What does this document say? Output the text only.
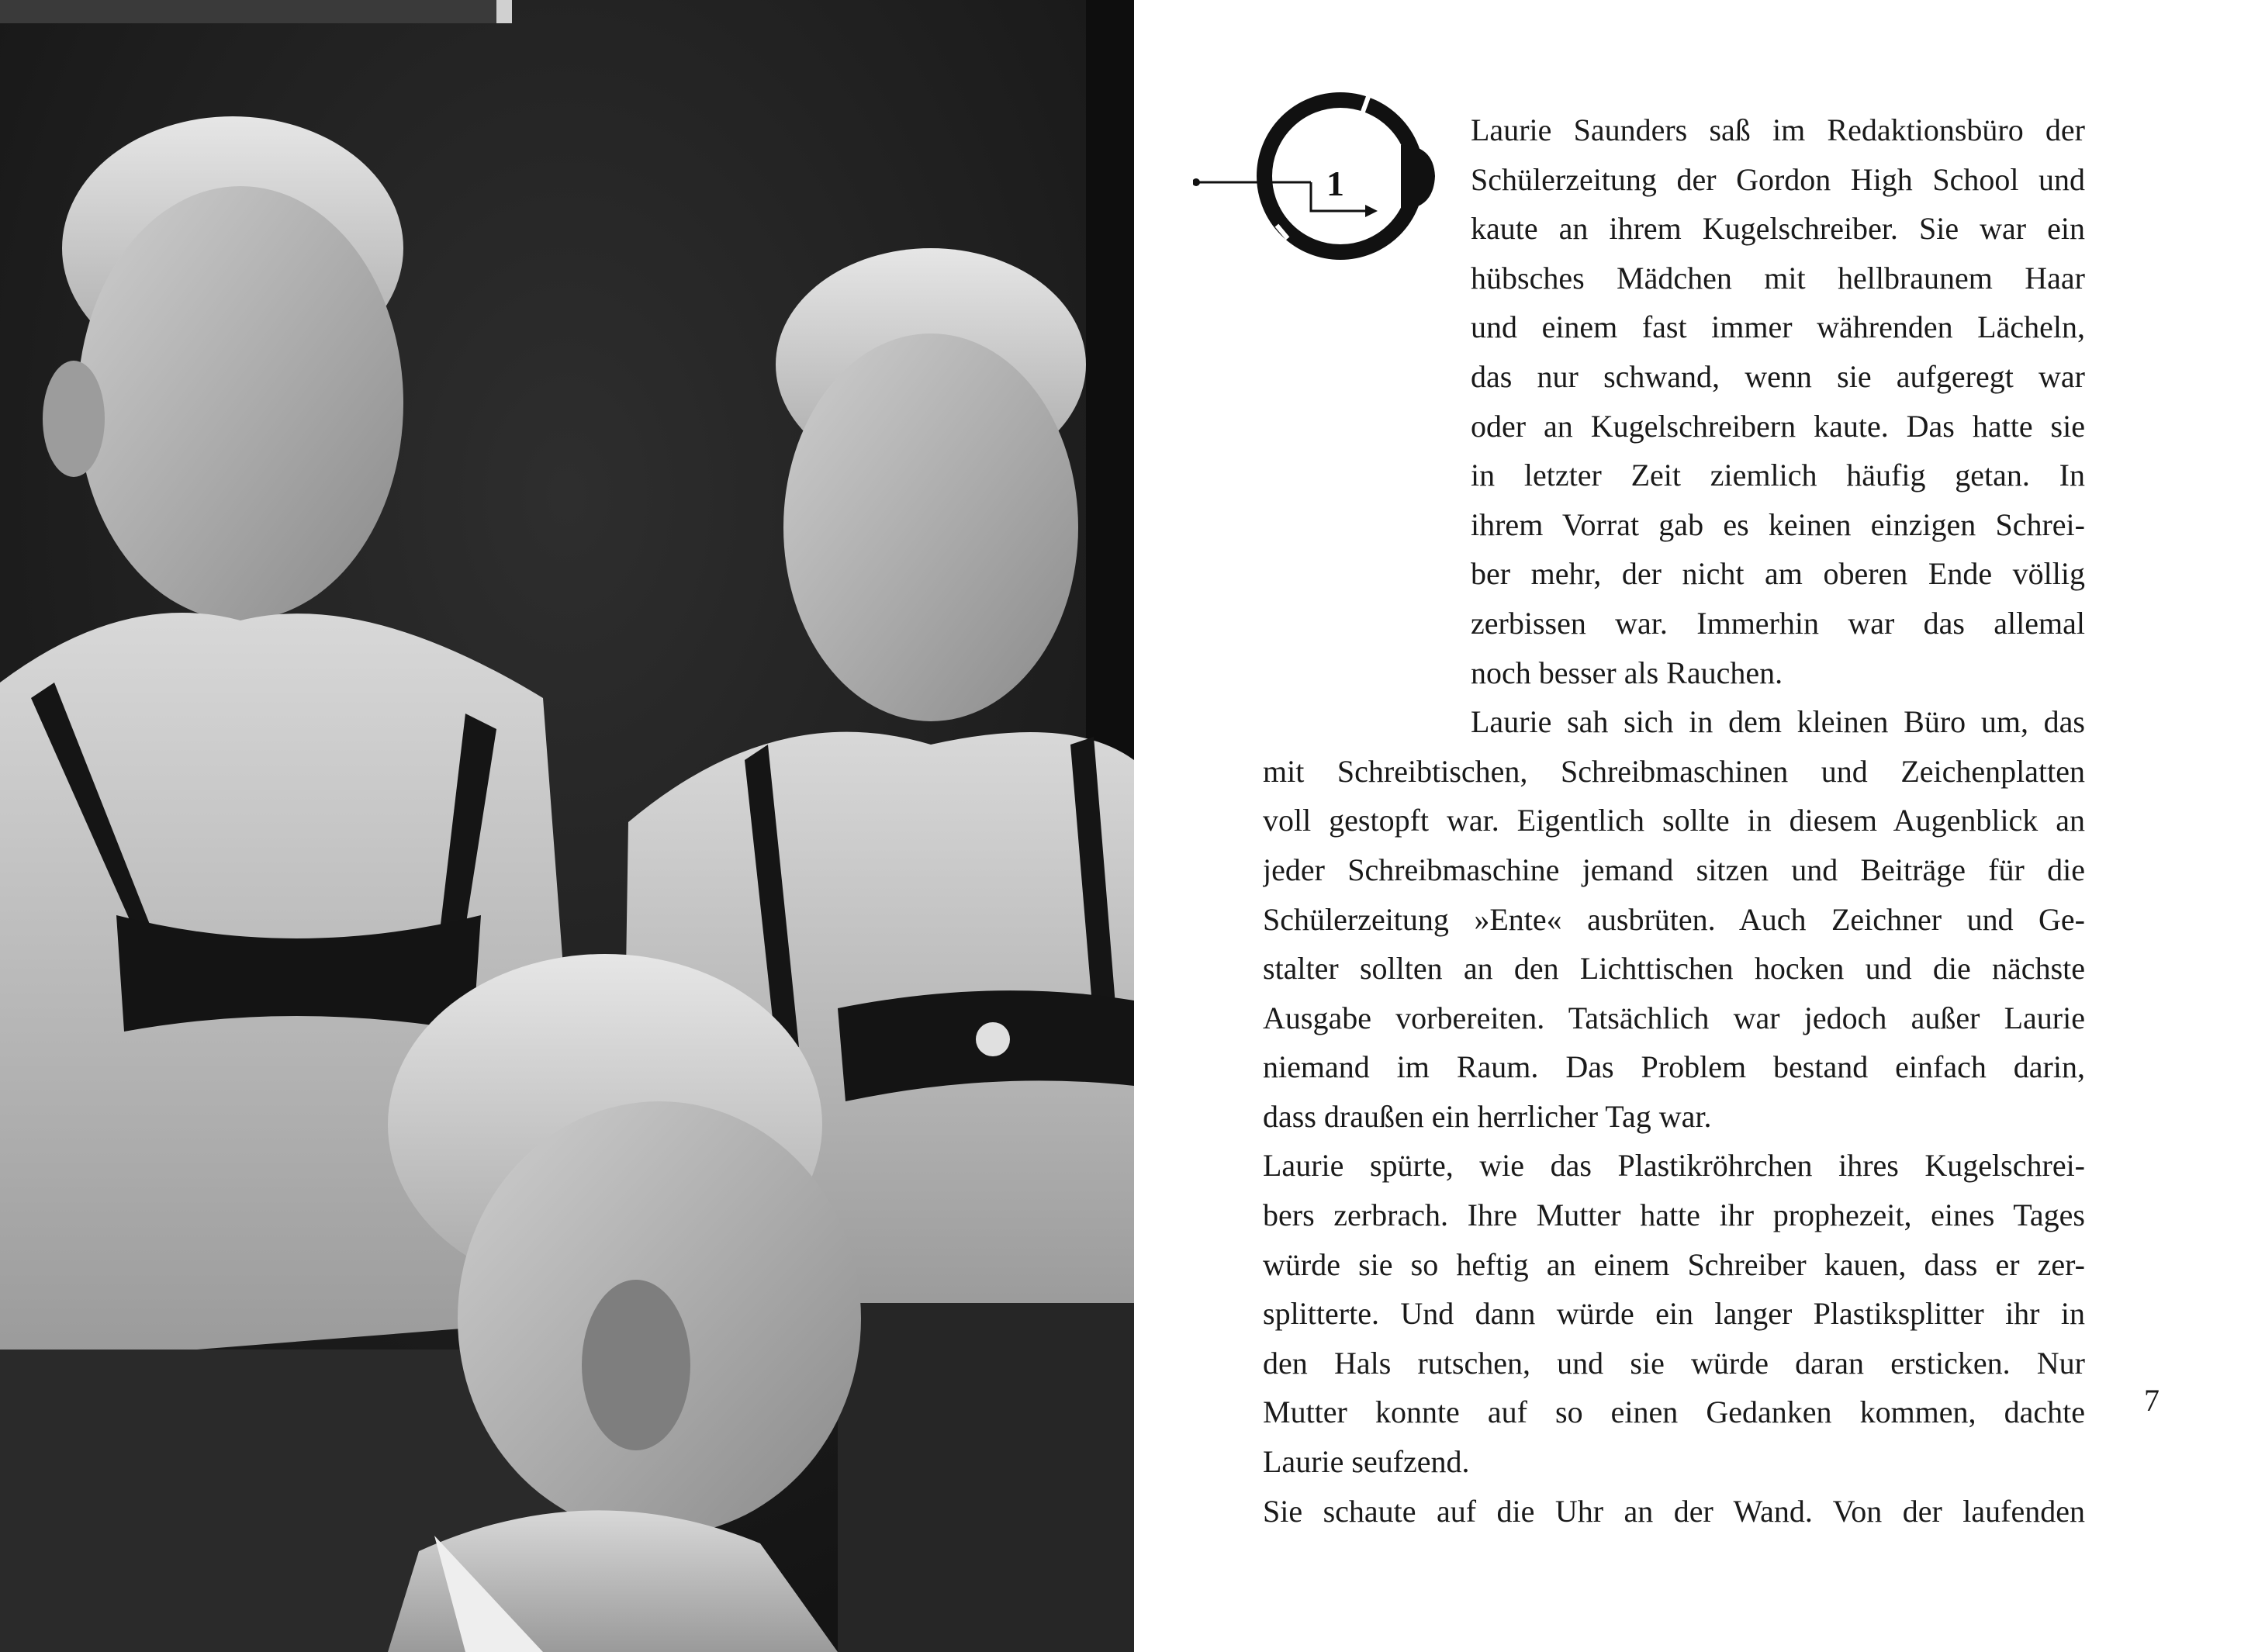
1
Laurie Saunders saß im Redaktionsbüro der
Schülerzeitung der Gordon High School und
kaute an ihrem Kugelschreiber. Sie war ein
hübsches Mädchen mit hellbraunem Haar
und einem fast immer währenden Lächeln,
das nur schwand, wenn sie aufgeregt war
oder an Kugelschreibern kaute. Das hatte sie
in letzter Zeit ziemlich häufig getan. In
ihrem Vorrat gab es keinen einzigen Schrei-
ber mehr, der nicht am oberen Ende völlig
zerbissen war. Immerhin war das allemal
noch besser als Rauchen.
Laurie sah sich in dem kleinen Büro um, das
mit Schreibtischen, Schreibmaschinen und Zeichenplatten
voll gestopft war. Eigentlich sollte in diesem Augenblick an
jeder Schreibmaschine jemand sitzen und Beiträge für die
Schülerzeitung »Ente« ausbrüten. Auch Zeichner und Ge-
stalter sollten an den Lichttischen hocken und die nächste
Ausgabe vorbereiten. Tatsächlich war jedoch außer Laurie
niemand im Raum. Das Problem bestand einfach darin,
dass draußen ein herrlicher Tag war.
Laurie spürte, wie das Plastikröhrchen ihres Kugelschrei-
bers zerbrach. Ihre Mutter hatte ihr prophezeit, eines Tages
würde sie so heftig an einem Schreiber kauen, dass er zer-
splitterte. Und dann würde ein langer Plastiksplitter ihr in
den Hals rutschen, und sie würde daran ersticken. Nur
Mutter konnte auf so einen Gedanken kommen, dachte
Laurie seufzend.
Sie schaute auf die Uhr an der Wand. Von der laufenden
7
